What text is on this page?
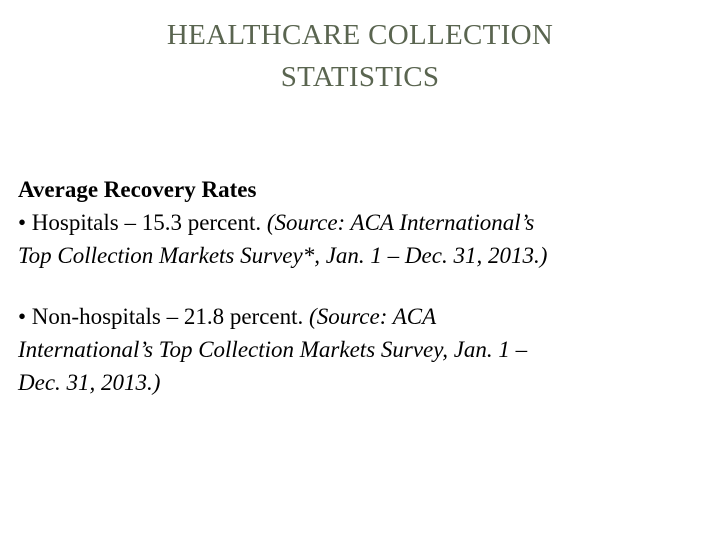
HEALTHCARE COLLECTION
STATISTICS

Average Recovery Rates

• Hospitals – 15.3 percent. (Source: ACA International’s

Top Collection Markets Survey*, Jan. 1 – Dec. 31, 2013.)

• Non-hospitals – 21.8 percent. (Source: ACA

International’s Top Collection Markets Survey, Jan. 1 –

Dec. 31, 2013.)
